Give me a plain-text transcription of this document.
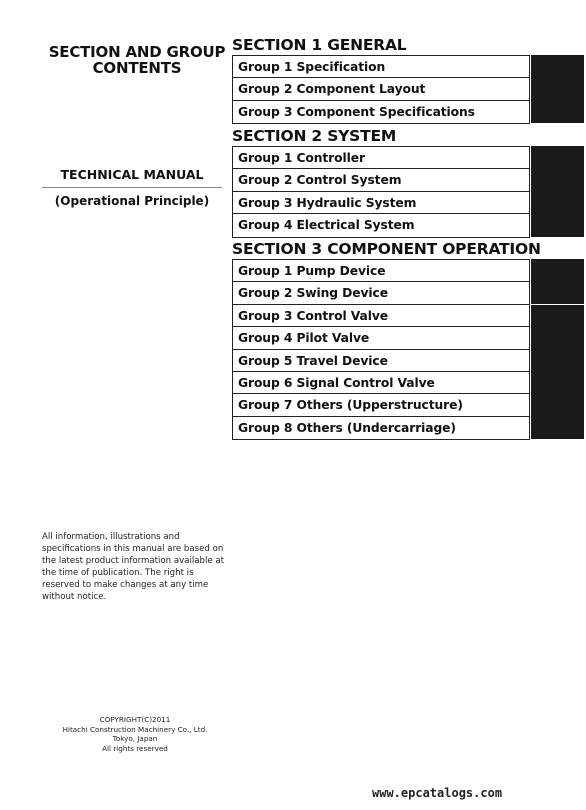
SECTION AND GROUP
CONTENTS
TECHNICAL MANUAL
(Operational Principle)
SECTION 1 GENERAL
Group 1 Specification
Group 2 Component Layout
Group 3 Component Specifications
SECTION 2 SYSTEM
Group 1 Controller
Group 2 Control System
Group 3 Hydraulic System
Group 4 Electrical System
SECTION 3 COMPONENT OPERATION
Group 1 Pump Device
Group 2 Swing Device
Group 3 Control Valve
Group 4 Pilot Valve
Group 5 Travel Device
Group 6 Signal Control Valve
Group 7 Others (Upperstructure)
Group 8 Others (Undercarriage)
All information, illustrations and specifications in this manual are based on the latest product information available at the time of publication. The right is reserved to make changes at any time without notice.
COPYRIGHT(C)2011
Hitachi Construction Machinery Co., Ltd.
Tokyo, Japan
All rights reserved
www.epcatalogs.com
